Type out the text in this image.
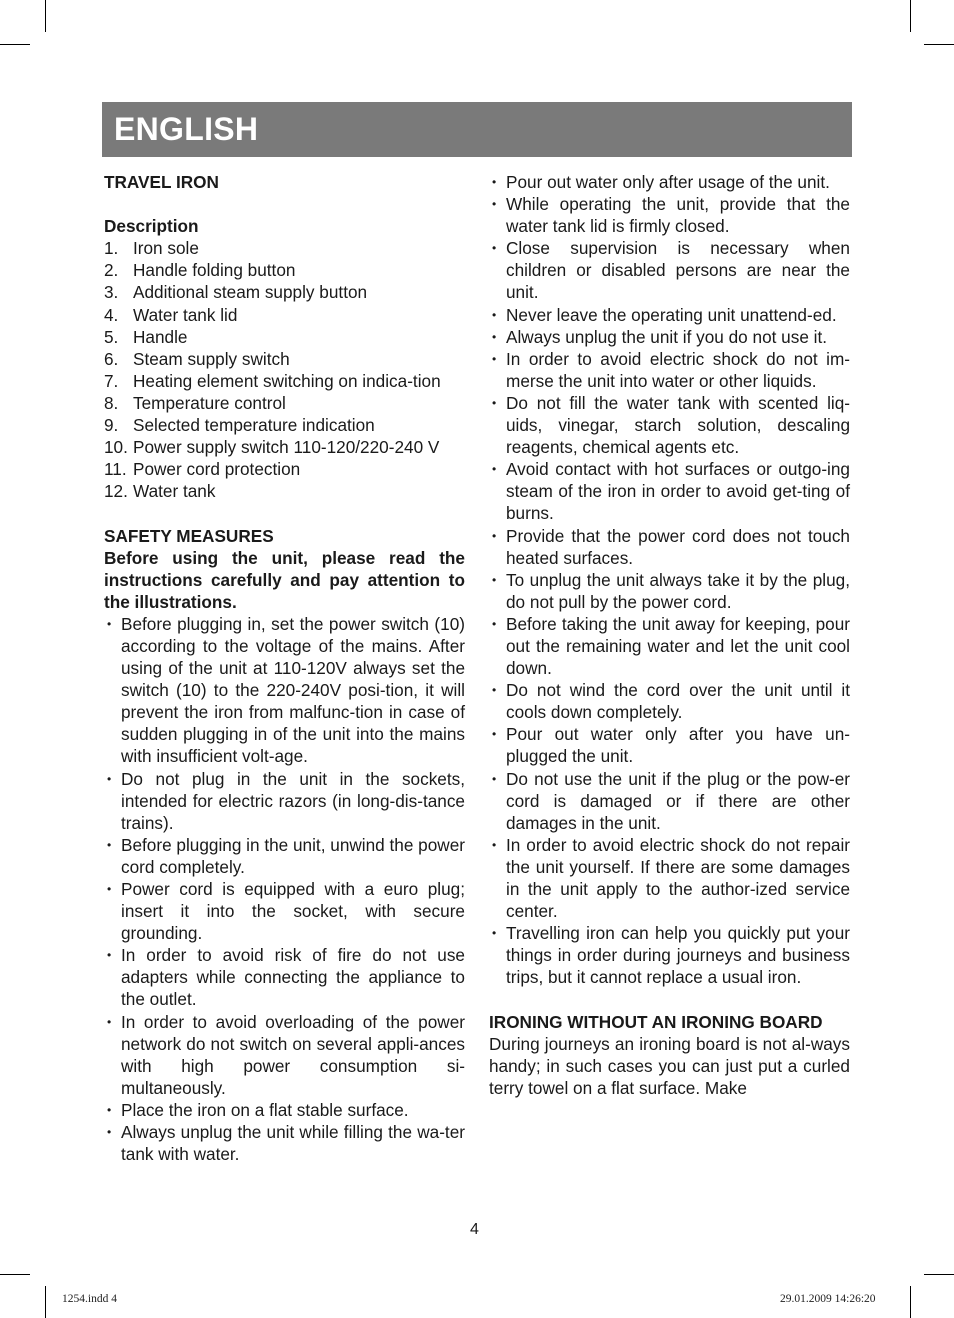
ENGLISH

TRAVEL IRON

Description

1. Iron sole
2. Handle folding button
3. Additional steam supply button
4. Water tank lid
5. Handle
6. Steam supply switch
7. Heating element switching on indica-tion
8. Temperature control
9. Selected temperature indication
10. Power supply switch 110-120/220-240 V
11. Power cord protection
12. Water tank

SAFETY MEASURES

Before using the unit, please read the instructions carefully and pay attention to the illustrations.

• Before plugging in, set the power switch (10) according to the voltage of the mains. After using of the unit at 110-120V always set the switch (10) to the 220-240V posi-tion, it will prevent the iron from malfunc-tion in case of sudden plugging in of the unit into the mains with insufficient volt-age.
• Do not plug in the unit in the sockets, intended for electric razors (in long-dis-tance trains).
• Before plugging in the unit, unwind the power cord completely.
• Power cord is equipped with a euro plug; insert it into the socket, with secure grounding.
• In order to avoid risk of fire do not use adapters while connecting the appliance to the outlet.
• In order to avoid overloading of the power network do not switch on several appli-ances with high power consumption si-multaneously.
• Place the iron on a flat stable surface.
• Always unplug the unit while filling the wa-ter tank with water.
• Pour out water only after usage of the unit.
• While operating the unit, provide that the water tank lid is firmly closed.
• Close supervision is necessary when children or disabled persons are near the unit.
• Never leave the operating unit unattend-ed.
• Always unplug the unit if you do not use it.
• In order to avoid electric shock do not im-merse the unit into water or other liquids.
• Do not fill the water tank with scented liq-uids, vinegar, starch solution, descaling reagents, chemical agents etc.
• Avoid contact with hot surfaces or outgo-ing steam of the iron in order to avoid get-ting of burns.
• Provide that the power cord does not touch heated surfaces.
• To unplug the unit always take it by the plug, do not pull by the power cord.
• Before taking the unit away for keeping, pour out the remaining water and let the unit cool down.
• Do not wind the cord over the unit until it cools down completely.
• Pour out water only after you have un-plugged the unit.
• Do not use the unit if the plug or the pow-er cord is damaged or if there are other damages in the unit.
• In order to avoid electric shock do not repair the unit yourself. If there are some damages in the unit apply to the author-ized service center.
• Travelling iron can help you quickly put your things in order during journeys and business trips, but it cannot replace a usual iron.

IRONING WITHOUT AN IRONING BOARD

During journeys an ironing board is not al-ways handy; in such cases you can just put a curled terry towel on a flat surface. Make

4
1254.indd 4	29.01.2009 14:26:20
